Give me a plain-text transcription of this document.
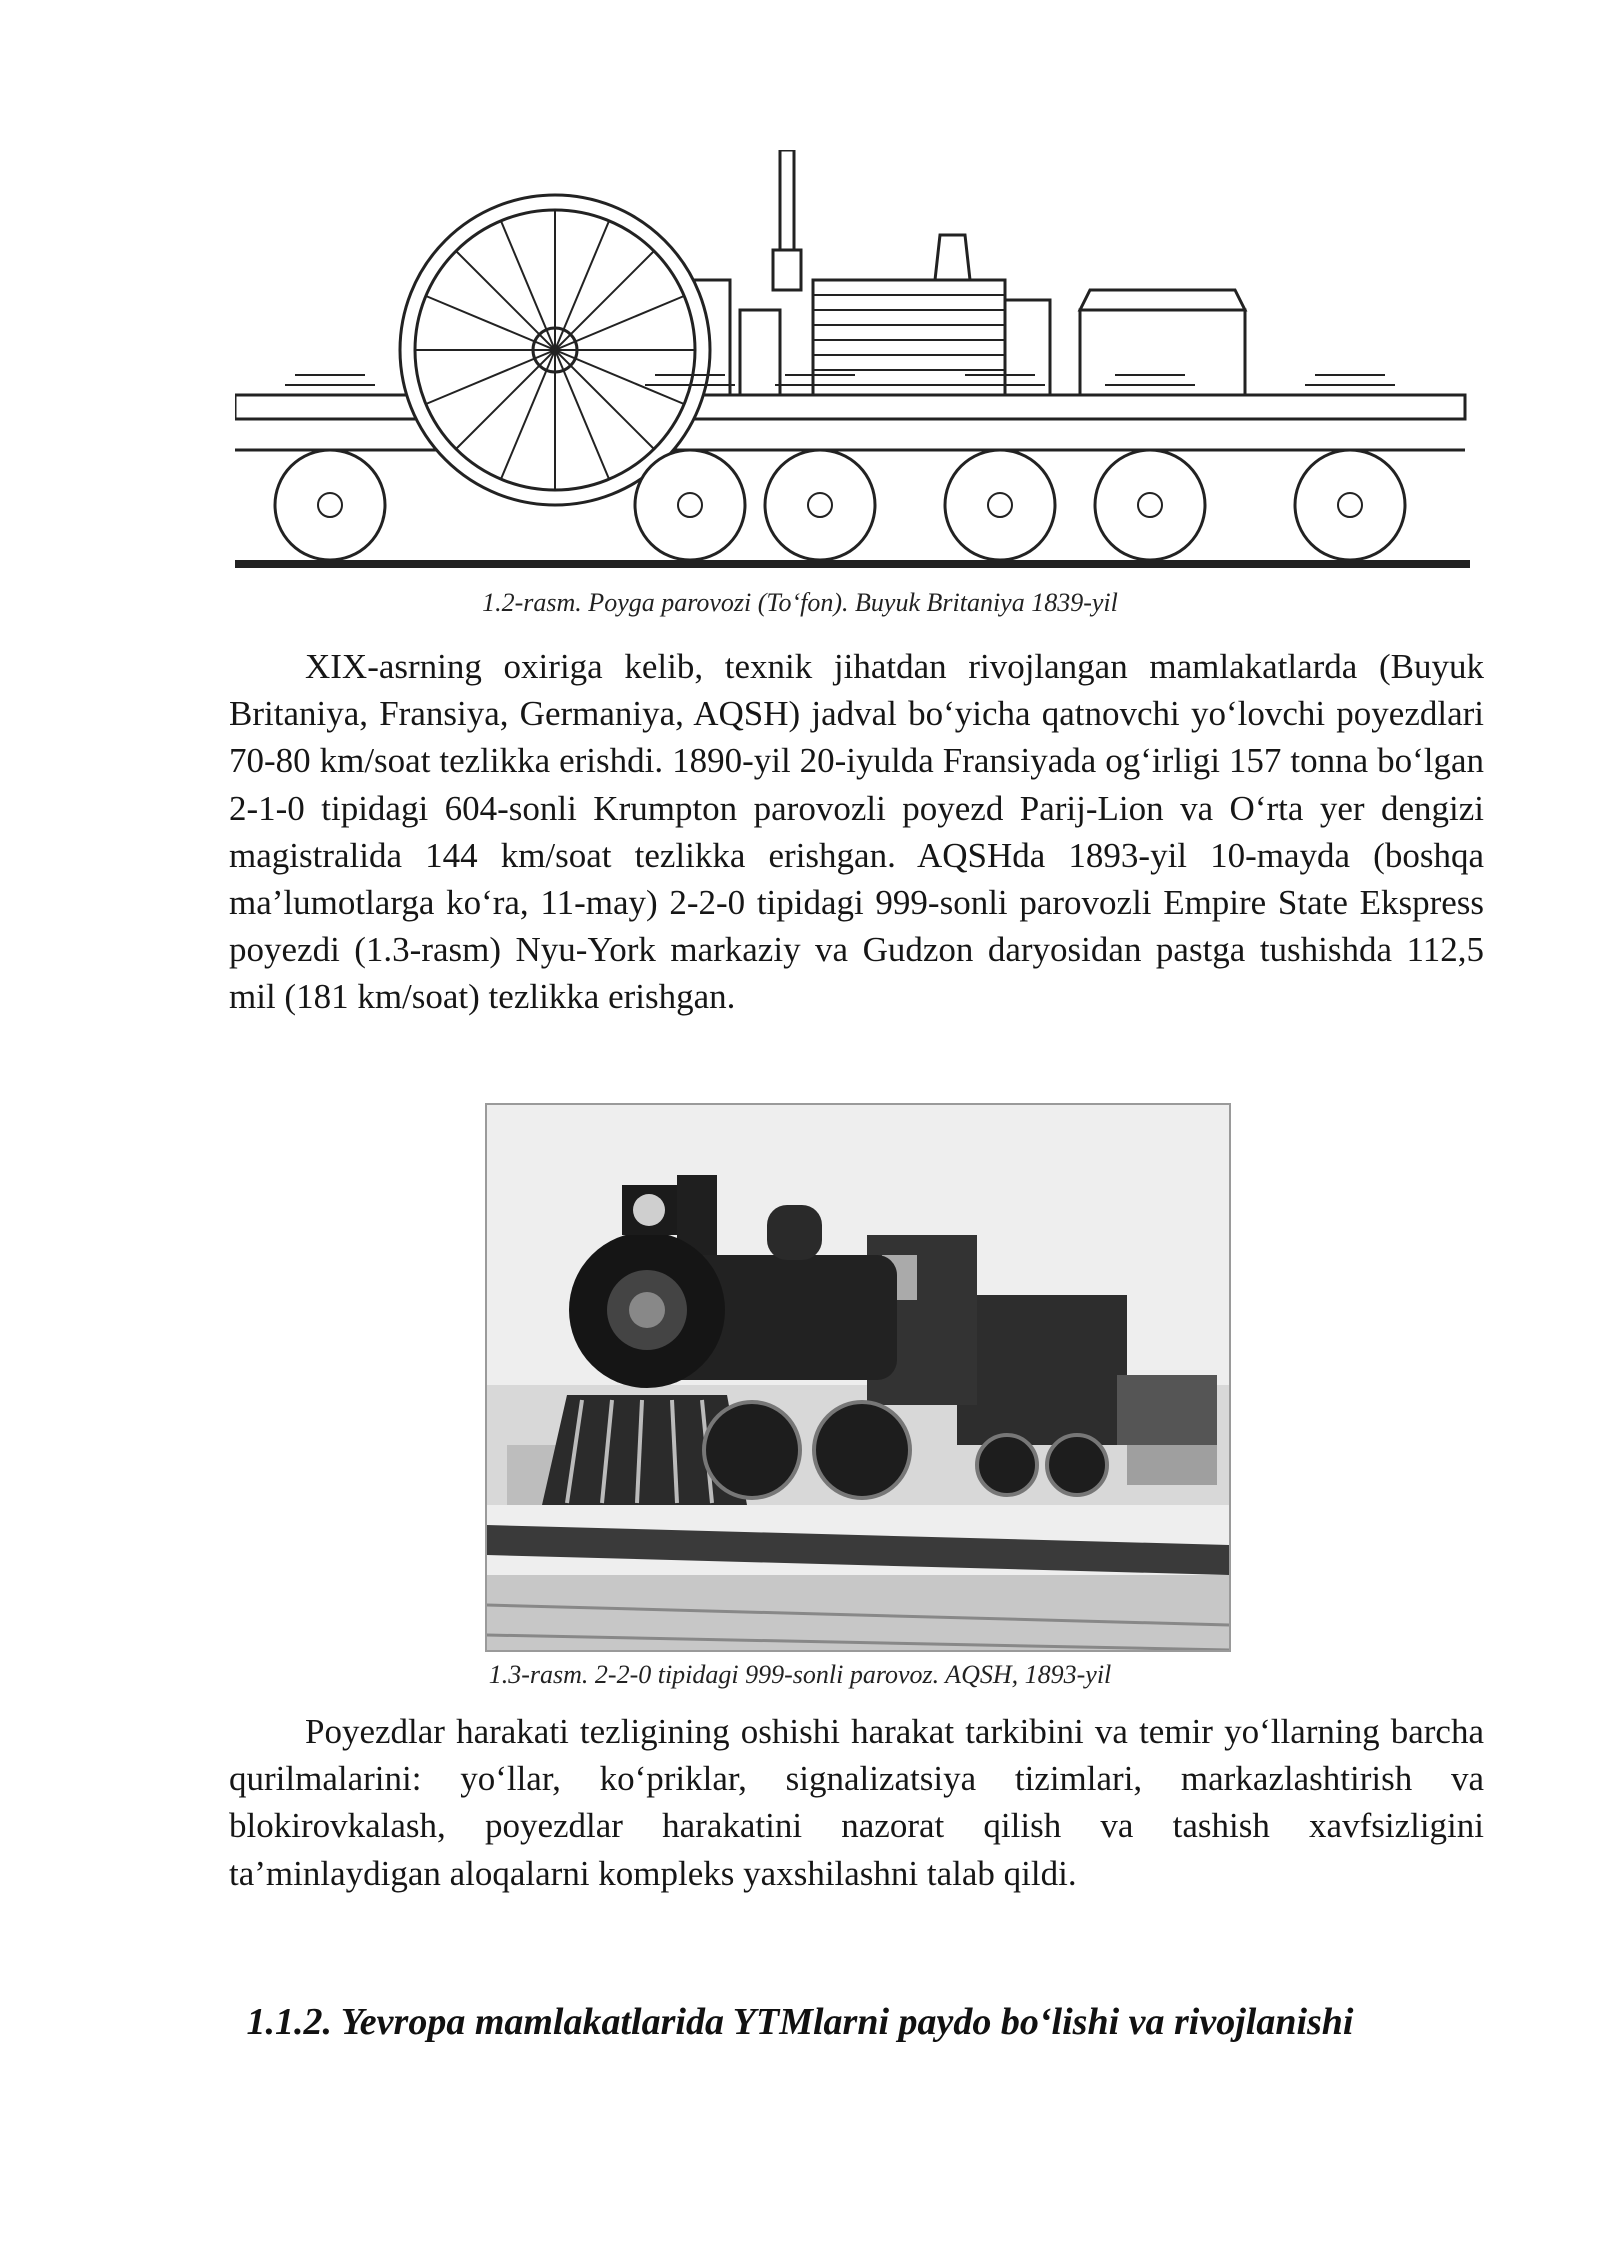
1.2-rasm. Poyga parovozi (To‘fon). Buyuk Britaniya 1839-yil

XIX-asrning oxiriga kelib, texnik jihatdan rivojlangan mamlakatlarda (Buyuk Britaniya, Fransiya, Germaniya, AQSH) jadval bo‘yicha qatnovchi yo‘lovchi poyezdlari 70-80 km/soat tezlikka erishdi. 1890-yil 20-iyulda Fransiyada og‘irligi 157 tonna bo‘lgan 2-1-0 tipidagi 604-sonli Krumpton parovozli poyezd Parij-Lion va O‘rta yer dengizi magistralida 144 km/soat tezlikka erishgan. AQSHda 1893-yil 10-mayda (boshqa ma’lumotlarga ko‘ra, 11-may) 2-2-0 tipidagi 999-sonli parovozli Empire State Ekspress poyezdi (1.3-rasm) Nyu-York markaziy va Gudzon daryosidan pastga tushishda 112,5 mil (181 km/soat) tezlikka erishgan.

1.3-rasm. 2-2-0 tipidagi 999-sonli parovoz. AQSH, 1893-yil

Poyezdlar harakati tezligining oshishi harakat tarkibini va temir yo‘llarning barcha qurilmalarini: yo‘llar, ko‘priklar, signalizatsiya tizimlari, markazlashtirish va blokirovkalash, poyezdlar harakatini nazorat qilish va tashish xavfsizligini ta’minlaydigan aloqalarni kompleks yaxshilashni talab qildi.

1.1.2. Yevropa mamlakatlarida YTMlarni paydo bo‘lishi va rivojlanishi
